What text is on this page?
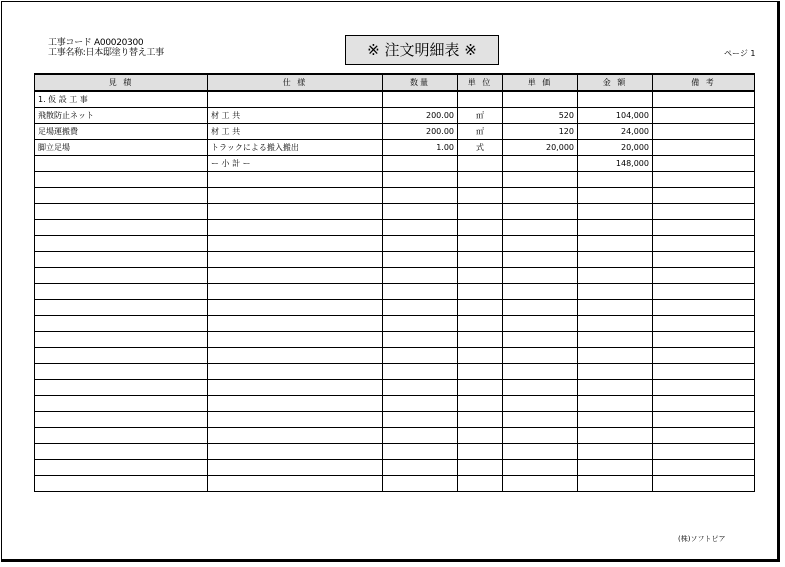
工事コード A00020300
工事名称:日本邸塗り替え工事	※ 注文明細表 ※	ページ 1
見 積	仕 様	数量	単 位	単 価	金 額	備 考
1. 仮 設 工 事						
飛散防止ネット	材 工 共	200.00	㎡	520	104,000	
足場運搬費	材 工 共	200.00	㎡	120	24,000	
脚立足場	トラックによる搬入搬出	1.00	式	20,000	20,000	
	ー 小 計 ー				148,000	

(株)ソフトピア
